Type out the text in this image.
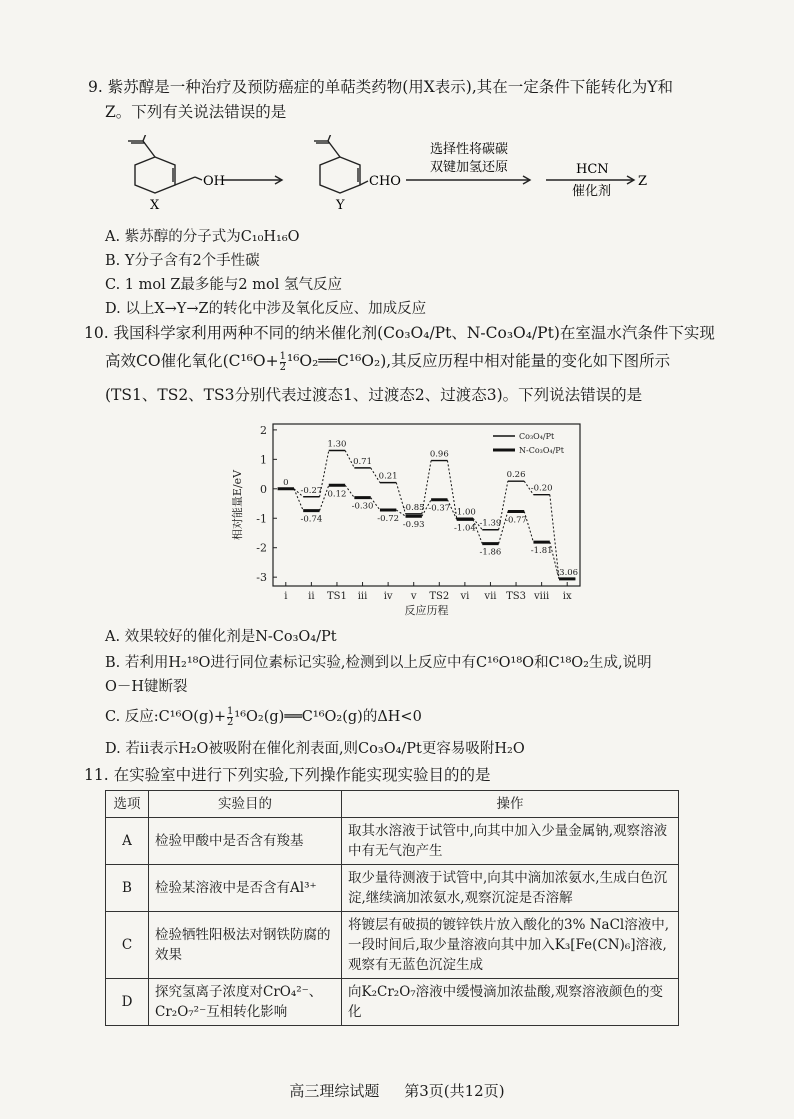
9. 紫苏醇是一种治疗及预防癌症的单萜类药物(用X表示),其在一定条件下能转化为Y和
Z。下列有关说法错误的是
OH
X
CHO
Y
选择性将碳碳
双键加氢还原	HCN
催化剂
Z
A. 紫苏醇的分子式为C₁₀H₁₆O
B. Y分子含有2个手性碳
C. 1 mol Z最多能与2 mol 氢气反应
D. 以上X→Y→Z的转化中涉及氧化反应、加成反应
10. 我国科学家利用两种不同的纳米催化剂(Co₃O₄/Pt、N-Co₃O₄/Pt)在室温水汽条件下实现
高效CO催化氧化($C^{16}O+ \frac{1}{2}$ ¹⁶O₂══C¹⁶O₂),其反应历程中相对能量的变化如下图所示
(TS1、TS2、TS3分别代表过渡态1、过渡态2、过渡态3)。下列说法错误的是
2
1
0
-1
-2
-3
i ii TS1 iii iv v TS2 vi vii TS3 viii ix
反应历程
相对能量E/eV	0
-0.27
1.30
0.71
0.21
-0.85
0.96
-1.00
-1.39
0.26
-0.20
-3.06
-0.74
0.12
-0.30
-0.72
-0.93
-0.37
-1.04
-1.86
-0.77
-1.81
Co₃O₄/Pt
N-Co₃O₄/Pt
A. 效果较好的催化剂是N-Co₃O₄/Pt
B. 若利用H₂¹⁸O进行同位素标记实验,检测到以上反应中有C¹⁶O¹⁸O和C¹⁸O₂生成,说明
O－H键断裂
C. 反应:C¹⁶O(g)+ $\frac{1}{2}$ ¹⁶O₂(g)══C¹⁶O₂(g)的ΔH<0
D. 若ii表示H₂O被吸附在催化剂表面,则Co₃O₄/Pt更容易吸附H₂O
11. 在实验室中进行下列实验,下列操作能实现实验目的的是
选项	实验目的	操作
A	检验甲酸中是否含有羧基	取其水溶液于试管中,向其中加入少量金属钠,观察溶液中有无气泡产生
B	检验某溶液中是否含有Al³⁺	取少量待测液于试管中,向其中滴加浓氨水,生成白色沉淀,继续滴加浓氨水,观察沉淀是否溶解
C	检验牺牲阳极法对钢铁防腐的效果	将镀层有破损的镀锌铁片放入酸化的3% NaCl溶液中,一段时间后,取少量溶液向其中加入K₃[Fe(CN)₆]溶液,观察有无蓝色沉淀生成
D	探究氢离子浓度对CrO₄²⁻、Cr₂O₇²⁻互相转化影响	向K₂Cr₂O₇溶液中缓慢滴加浓盐酸,观察溶液颜色的变化
高三理综试题 第3页(共12页)
